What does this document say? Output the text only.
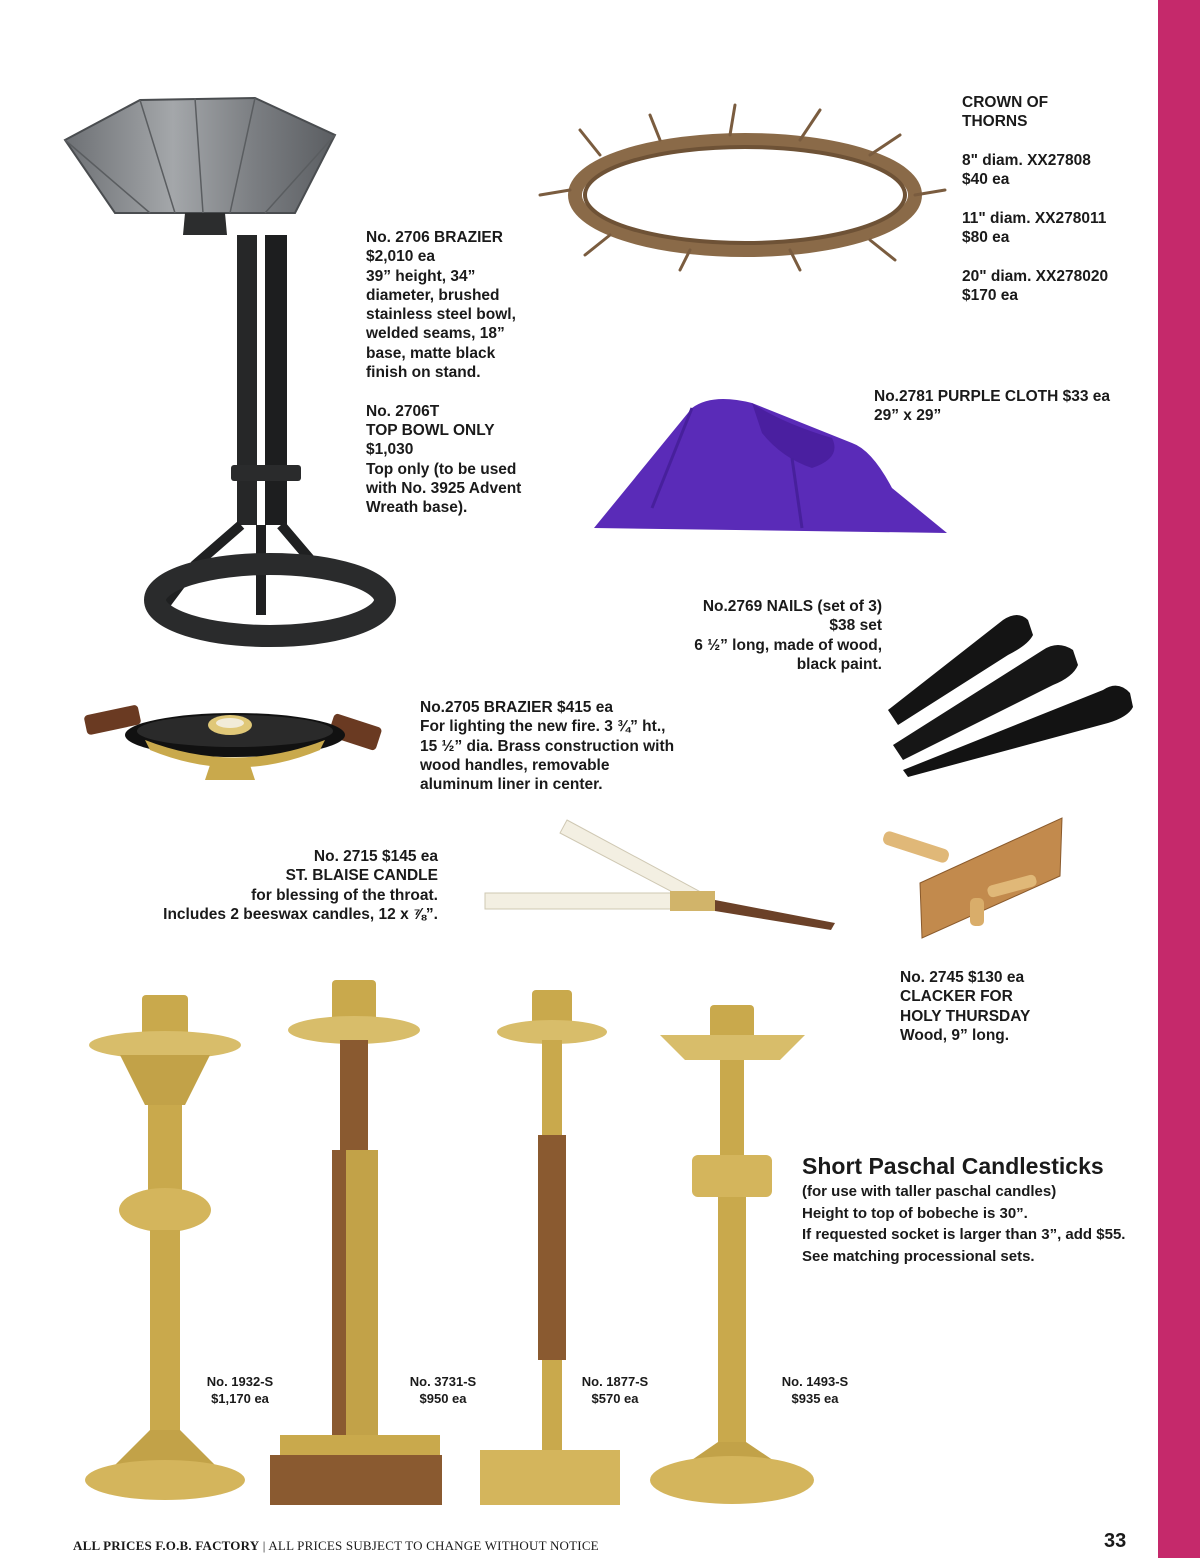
No. 2706 BRAZIER
$2,010 ea
39” height, 34”
diameter, brushed
stainless steel bowl,
welded seams, 18”
base, matte black
finish on stand.

No. 2706T
TOP BOWL ONLY
$1,030
Top only (to be used
with No. 3925 Advent
Wreath base).

CROWN OF
THORNS

8" diam. XX27808
$40 ea

11" diam. XX278011
$80 ea

20" diam. XX278020
$170 ea

No.2781 PURPLE CLOTH $33 ea
29” x 29”

No.2769 NAILS (set of 3)
$38 set
6 ½” long, made of wood,
black paint.

No.2705 BRAZIER $415 ea
For lighting the new fire. 3 ¾” ht.,
15 ½” dia. Brass construction with
wood handles, removable
aluminum liner in center.

No. 2715 $145 ea
ST. BLAISE CANDLE
for blessing of the throat.
Includes 2 beeswax candles, 12 x ⅞”.

No. 2745 $130 ea
CLACKER FOR
HOLY THURSDAY
Wood, 9” long.

Short Paschal Candlesticks

(for use with taller paschal candles)
Height to top of bobeche is 30”.
If requested socket is larger than 3”, add $55.
See matching processional sets.

No. 1932-S
$1,170 ea

No. 3731-S
$950 ea

No. 1877-S
$570 ea

No. 1493-S
$935 ea

ALL PRICES F.O.B. FACTORY | ALL PRICES SUBJECT TO CHANGE WITHOUT NOTICE	33
